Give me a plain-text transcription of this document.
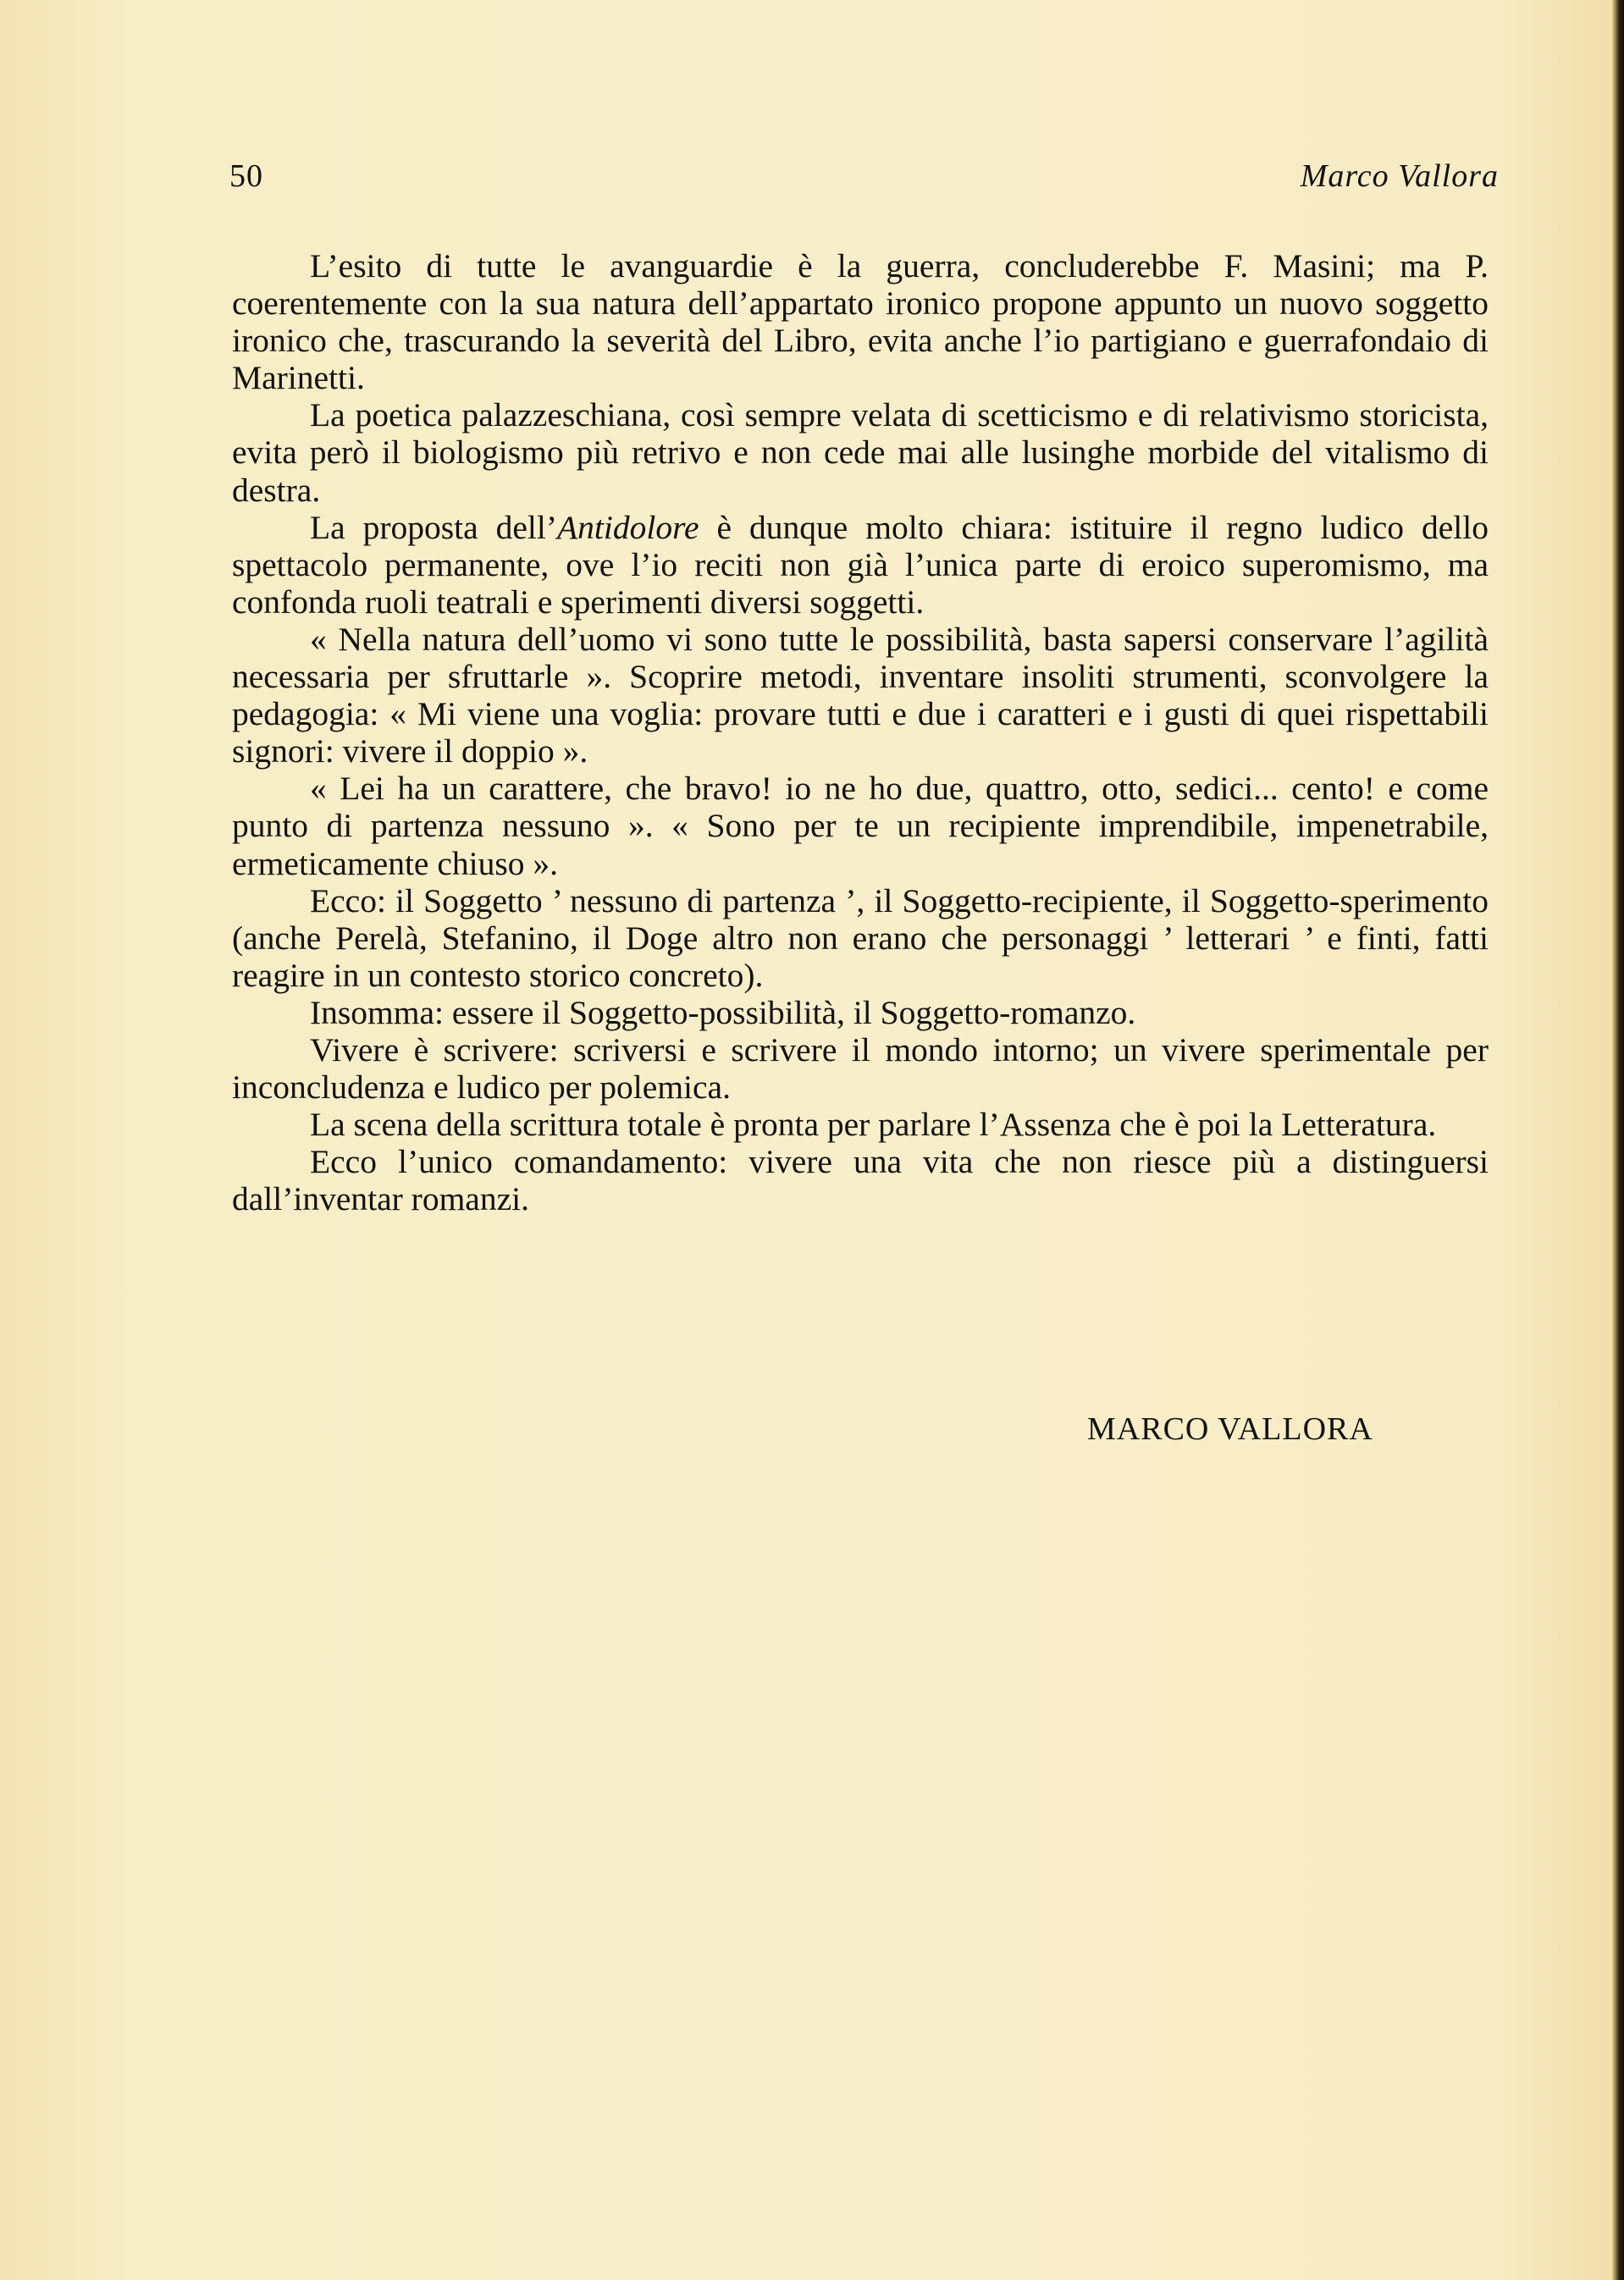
50	Marco Vallora

L’esito di tutte le avanguardie è la guerra, concluderebbe F. Masini; ma P. coerentemente con la sua natura dell’appartato ironico propone appunto un nuovo soggetto ironico che, trascurando la severità del Libro, evita anche l’io partigiano e guerrafondaio di Marinetti.

La poetica palazzeschiana, così sempre velata di scetticismo e di relativismo storicista, evita però il biologismo più retrivo e non cede mai alle lusinghe morbide del vitalismo di destra.

La proposta dell’Antidolore è dunque molto chiara: istituire il regno ludico dello spettacolo permanente, ove l’io reciti non già l’unica parte di eroico superomismo, ma confonda ruoli teatrali e sperimenti diversi soggetti.

« Nella natura dell’uomo vi sono tutte le possibilità, basta sapersi conservare l’agilità necessaria per sfruttarle ». Scoprire metodi, inventare insoliti strumenti, sconvolgere la pedagogia: « Mi viene una voglia: provare tutti e due i caratteri e i gusti di quei rispettabili signori: vivere il doppio ».

« Lei ha un carattere, che bravo! io ne ho due, quattro, otto, sedici... cento! e come punto di partenza nessuno ». « Sono per te un recipiente imprendibile, impenetrabile, ermeticamente chiuso ».

Ecco: il Soggetto ’ nessuno di partenza ’, il Soggetto-recipiente, il Soggetto-sperimento (anche Perelà, Stefanino, il Doge altro non erano che personaggi ’ letterari ’ e finti, fatti reagire in un contesto storico concreto).

Insomma: essere il Soggetto-possibilità, il Soggetto-romanzo.

Vivere è scrivere: scriversi e scrivere il mondo intorno; un vivere sperimentale per inconcludenza e ludico per polemica.

La scena della scrittura totale è pronta per parlare l’Assenza che è poi la Letteratura.

Ecco l’unico comandamento: vivere una vita che non riesce più a distinguersi dall’inventar romanzi.

MARCO VALLORA
